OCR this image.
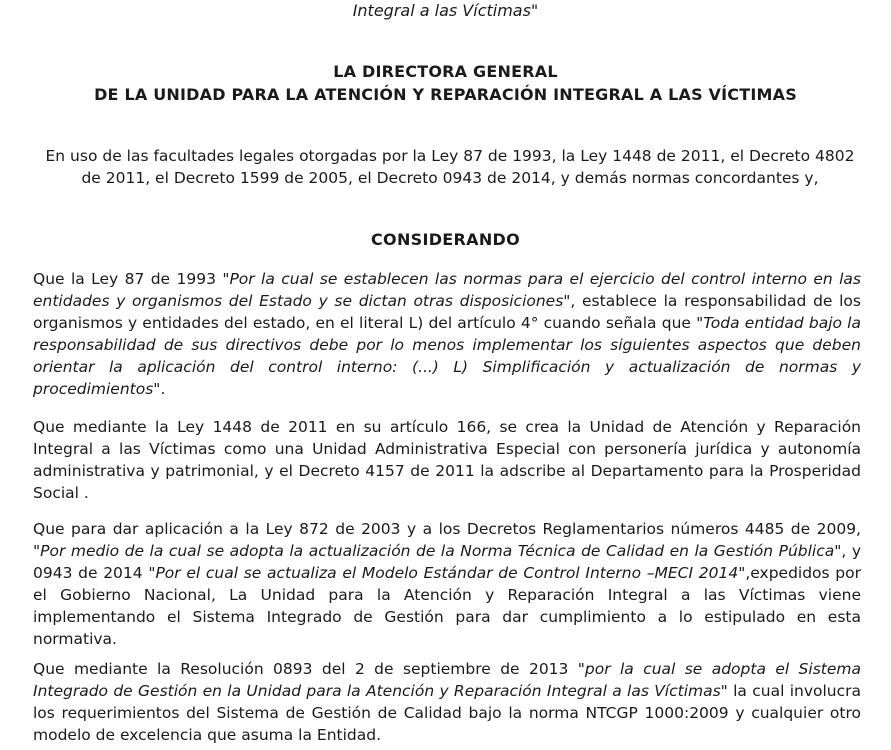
Integral a las Víctimas"
LA DIRECTORA GENERAL
DE LA UNIDAD PARA LA ATENCIÓN Y REPARACIÓN INTEGRAL A LAS VÍCTIMAS
En uso de las facultades legales otorgadas por la Ley 87 de 1993, la Ley 1448 de 2011, el Decreto 4802 de 2011, el Decreto 1599 de 2005, el Decreto 0943 de 2014, y demás normas concordantes y,
CONSIDERANDO

Que la Ley 87 de 1993 "Por la cual se establecen las normas para el ejercicio del control interno en las entidades y organismos del Estado y se dictan otras disposiciones", establece la responsabilidad de los organismos y entidades del estado, en el literal L) del artículo 4° cuando señala que "Toda entidad bajo la responsabilidad de sus directivos debe por lo menos implementar los siguientes aspectos que deben orientar la aplicación del control interno: (...) L) Simplificación y actualización de normas y procedimientos".

Que mediante la Ley 1448 de 2011 en su artículo 166, se crea la Unidad de Atención y Reparación Integral a las Víctimas como una Unidad Administrativa Especial con personería jurídica y autonomía administrativa y patrimonial, y el Decreto 4157 de 2011 la adscribe al Departamento para la Prosperidad Social .

Que para dar aplicación a la Ley 872 de 2003 y a los Decretos Reglamentarios números 4485 de 2009, "Por medio de la cual se adopta la actualización de la Norma Técnica de Calidad en la Gestión Pública", y 0943 de 2014 "Por el cual se actualiza el Modelo Estándar de Control Interno –MECI 2014",expedidos por el Gobierno Nacional, La Unidad para la Atención y Reparación Integral a las Víctimas viene implementando el Sistema Integrado de Gestión para dar cumplimiento a lo estipulado en esta normativa.

Que mediante la Resolución 0893 del 2 de septiembre de 2013 "por la cual se adopta el Sistema Integrado de Gestión en la Unidad para la Atención y Reparación Integral a las Víctimas" la cual involucra los requerimientos del Sistema de Gestión de Calidad bajo la norma NTCGP 1000:2009 y cualquier otro modelo de excelencia que asuma la Entidad.
